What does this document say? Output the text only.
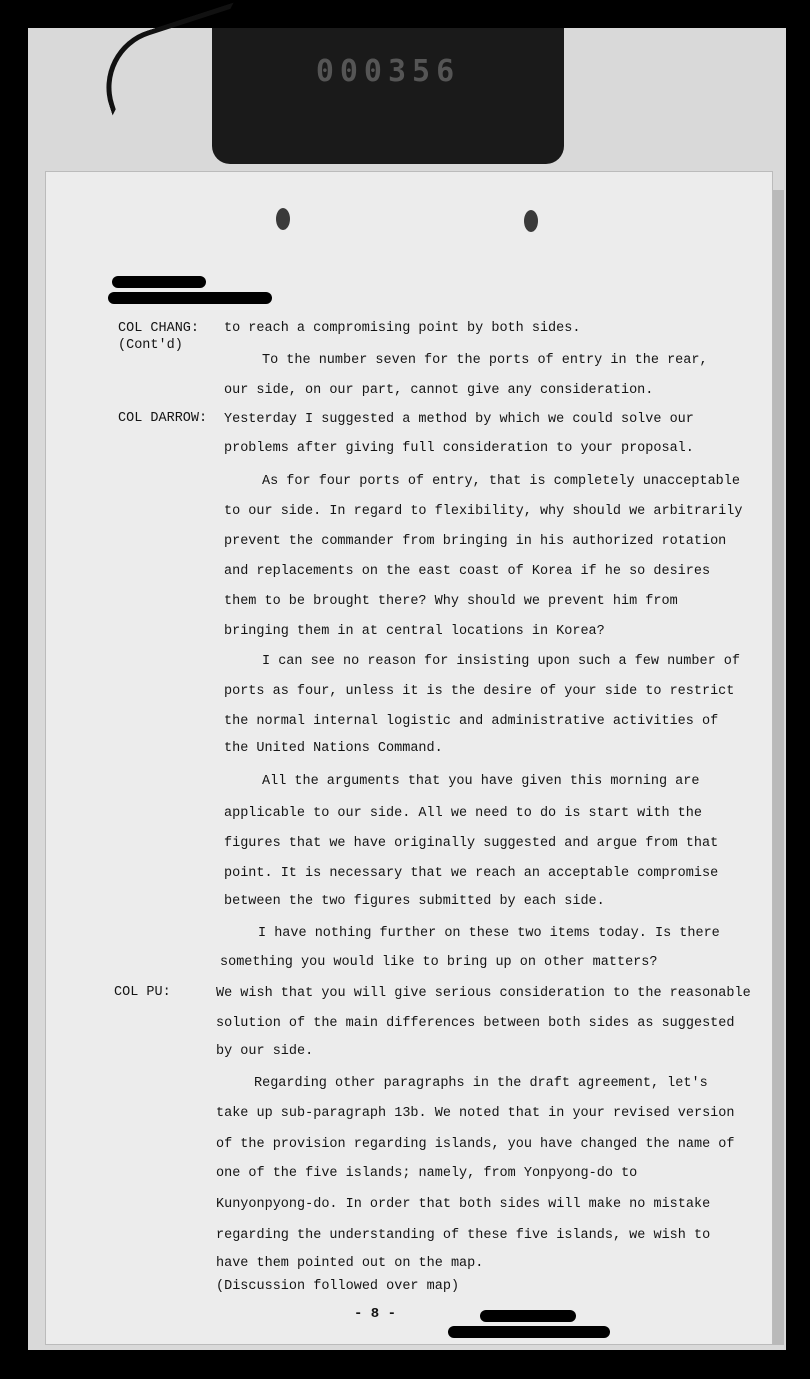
000356
COL CHANG:
(Cont'd)
COL DARROW:
COL PU:
to reach a compromising point by both sides.
To the number seven for the ports of entry in the rear,
our side, on our part, cannot give any consideration.
Yesterday I suggested a method by which we could solve our
problems after giving full consideration to your proposal.
As for four ports of entry, that is completely unacceptable
to our side. In regard to flexibility, why should we arbitrarily
prevent the commander from bringing in his authorized rotation
and replacements on the east coast of Korea if he so desires
them to be brought there? Why should we prevent him from
bringing them in at central locations in Korea?
I can see no reason for insisting upon such a few number of
ports as four, unless it is the desire of your side to restrict
the normal internal logistic and administrative activities of
the United Nations Command.
All the arguments that you have given this morning are
applicable to our side. All we need to do is start with the
figures that we have originally suggested and argue from that
point. It is necessary that we reach an acceptable compromise
between the two figures submitted by each side.
I have nothing further on these two items today. Is there
something you would like to bring up on other matters?
We wish that you will give serious consideration to the reasonable
solution of the main differences between both sides as suggested
by our side.
Regarding other paragraphs in the draft agreement, let's
take up sub-paragraph 13b. We noted that in your revised version
of the provision regarding islands, you have changed the name of
one of the five islands; namely, from Yonpyong-do to
Kunyonpyong-do. In order that both sides will make no mistake
regarding the understanding of these five islands, we wish to
have them pointed out on the map.
(Discussion followed over map)
- 8 -
